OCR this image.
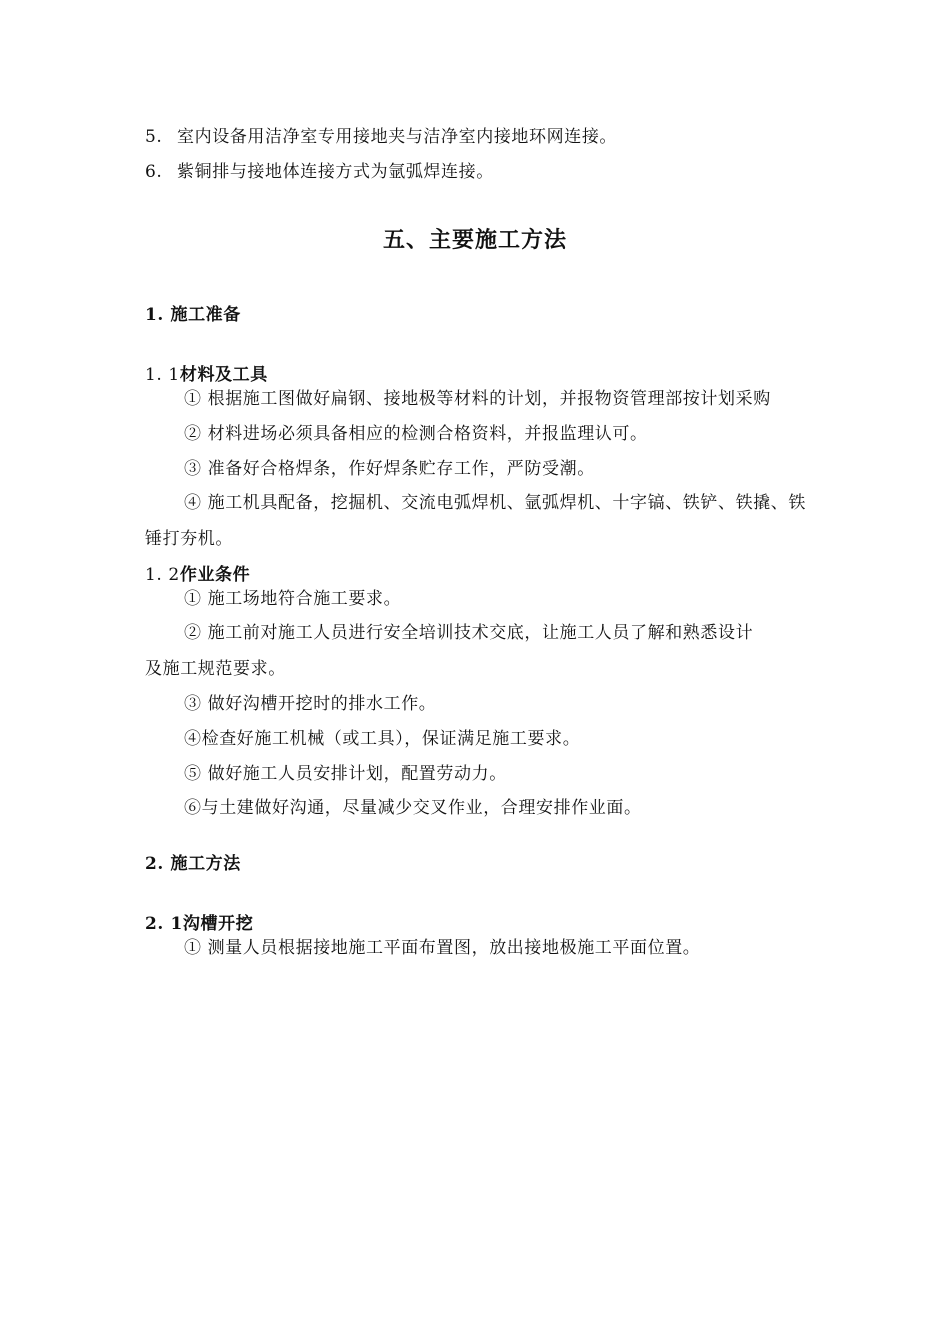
5. 室内设备用洁净室专用接地夹与洁净室内接地环网连接。
6. 紫铜排与接地体连接方式为氩弧焊连接。
五、主要施工方法
1. 施工准备
1. 1材料及工具
① 根据施工图做好扁钢、接地极等材料的计划，并报物资管理部按计划采购
② 材料进场必须具备相应的检测合格资料，并报监理认可。
③ 准备好合格焊条，作好焊条贮存工作，严防受潮。
④ 施工机具配备，挖掘机、交流电弧焊机、氩弧焊机、十字镐、铁铲、铁撬、铁
锤打夯机。
1. 2作业条件
① 施工场地符合施工要求。
② 施工前对施工人员进行安全培训技术交底，让施工人员了解和熟悉设计
及施工规范要求。
③ 做好沟槽开挖时的排水工作。
④检查好施工机械（或工具），保证满足施工要求。
⑤ 做好施工人员安排计划，配置劳动力。
⑥与土建做好沟通，尽量减少交叉作业，合理安排作业面。
2. 施工方法
2. 1沟槽开挖
① 测量人员根据接地施工平面布置图，放出接地极施工平面位置。
